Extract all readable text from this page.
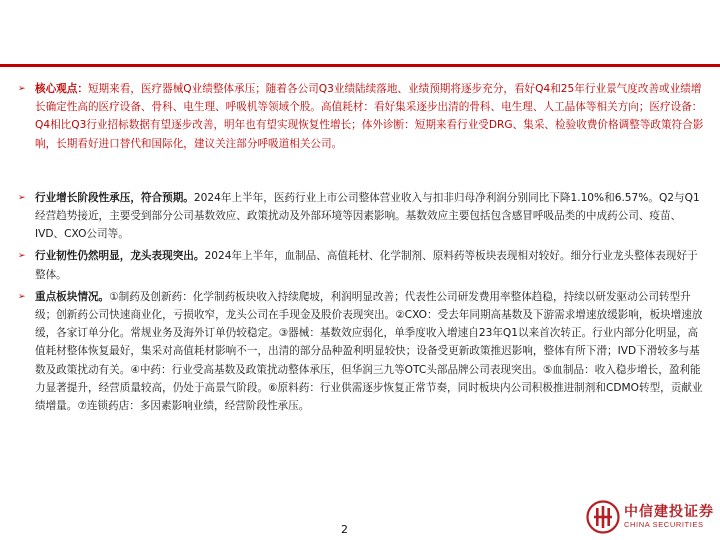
➢ 核心观点：短期来看，医疗器械Q业绩整体承压；随着各公司Q3业绩陆续落地、业绩预期将逐步充分，看好Q4和25年行业景气度改善或业绩增长确定性高的医疗设备、骨科、电生理、呼吸机等领域个股。高值耗材：看好集采逐步出清的骨科、电生理、人工晶体等相关方向；医疗设备：Q4相比Q3行业招标数据有望逐步改善，明年也有望实现恢复性增长；体外诊断：短期来看行业受DRG、集采、检验收费价格调整等政策符合影响，长期看好进口替代和国际化，建议关注部分呼吸道相关公司。
➢ 行业增长阶段性承压，符合预期。2024年上半年，医药行业上市公司整体营业收入与扣非归母净利润分别同比下降1.10%和6.57%。Q2与Q1经营趋势接近，主要受到部分公司基数效应、政策扰动及外部环境等因素影响。基数效应主要包括包含感冒呼吸品类的中成药公司、疫苗、IVD、CXO公司等。
➢ 行业韧性仍然明显，龙头表现突出。2024年上半年，血制品、高值耗材、化学制剂、原料药等板块表现相对较好。细分行业龙头整体表现好于整体。
➢ 重点板块情况。①制药及创新药：化学制药板块收入持续爬坡，利润明显改善；代表性公司研发费用率整体趋稳，持续以研发驱动公司转型升级；创新药公司快速商业化，亏损收窄，龙头公司在手现金及股价表现突出。②CXO：受去年同期高基数及下游需求增速放缓影响，板块增速放缓，各家订单分化。常规业务及海外订单仍较稳定。③器械：基数效应弱化，单季度收入增速自23年Q1以来首次转正。行业内部分化明显，高值耗材整体恢复最好，集采对高值耗材影响不一，出清的部分品种盈利明显较快；设备受更新政策推迟影响，整体有所下滑；IVD下滑较多与基数及政策扰动有关。④中药：行业受高基数及政策扰动整体承压，但华润三九等OTC头部品牌公司表现突出。⑤血制品：收入稳步增长，盈利能力显著提升，经营质量较高，仍处于高景气阶段。⑥原料药：行业供需逐步恢复正常节奏，同时板块内公司积极推进制剂和CDMO转型，贡献业绩增量。⑦连锁药店：多因素影响业绩，经营阶段性承压。
2
中信建投证券
CHINA SECURITIES
